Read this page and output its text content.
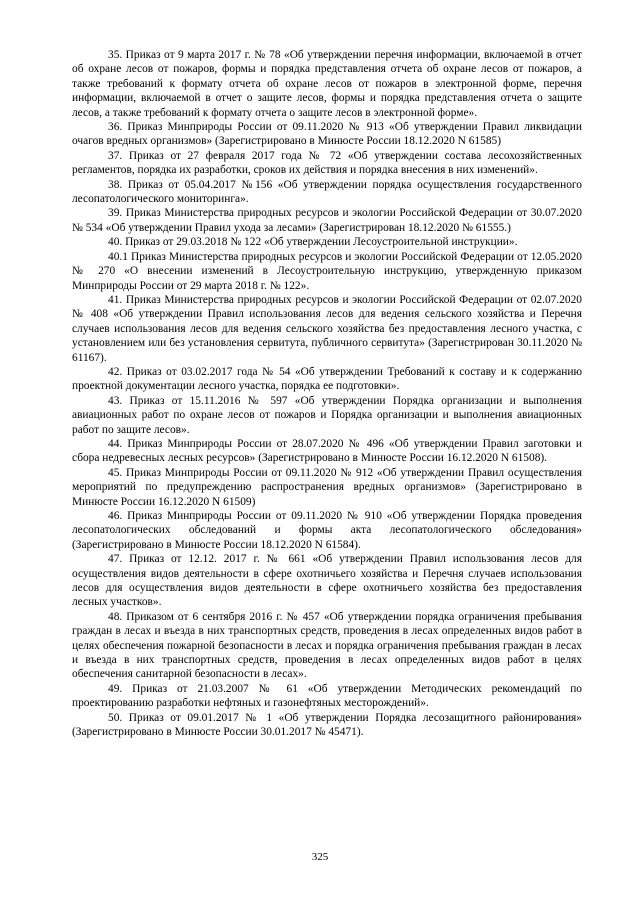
35. Приказ от 9 марта 2017 г. № 78 «Об утверждении перечня информации, включаемой в отчет об охране лесов от пожаров, формы и порядка представления отчета об охране лесов от пожаров, а также требований к формату отчета об охране лесов от пожаров в электронной форме, перечня информации, включаемой в отчет о защите лесов, формы и порядка представления отчета о защите лесов, а также требований к формату отчета о защите лесов в электронной форме».

36. Приказ Минприроды России от 09.11.2020 № 913 «Об утверждении Правил ликвидации очагов вредных организмов» (Зарегистрировано в Минюсте России 18.12.2020 N 61585)

37. Приказ от 27 февраля 2017 года № 72 «Об утверждении состава лесохозяйственных регламентов, порядка их разработки, сроков их действия и порядка внесения в них изменений».

38. Приказ от 05.04.2017 №156 «Об утверждении порядка осуществления государственного лесопатологического мониторинга».

39. Приказ Министерства природных ресурсов и экологии Российской Федерации от 30.07.2020 № 534 «Об утверждении Правил ухода за лесами» (Зарегистрирован 18.12.2020 № 61555.)

40. Приказ от 29.03.2018 № 122 «Об утверждении Лесоустроительной инструкции».

40.1 Приказ Министерства природных ресурсов и экологии Российской Федерации от 12.05.2020 № 270 «О внесении изменений в Лесоустроительную инструкцию, утвержденную приказом Минприроды России от 29 марта 2018 г. № 122».

41. Приказ Министерства природных ресурсов и экологии Российской Федерации от 02.07.2020 № 408 «Об утверждении Правил использования лесов для ведения сельского хозяйства и Перечня случаев использования лесов для ведения сельского хозяйства без предоставления лесного участка, с установлением или без установления сервитута, публичного сервитута» (Зарегистрирован 30.11.2020 № 61167).

42. Приказ от 03.02.2017 года № 54 «Об утверждении Требований к составу и к содержанию проектной документации лесного участка, порядка ее подготовки».

43. Приказ от 15.11.2016 № 597 «Об утверждении Порядка организации и выполнения авиационных работ по охране лесов от пожаров и Порядка организации и выполнения авиационных работ по защите лесов».

44. Приказ Минприроды России от 28.07.2020 № 496 «Об утверждении Правил заготовки и сбора недревесных лесных ресурсов» (Зарегистрировано в Минюсте России 16.12.2020 N 61508).

45. Приказ Минприроды России от 09.11.2020 № 912 «Об утверждении Правил осуществления мероприятий по предупреждению распространения вредных организмов» (Зарегистрировано в Минюсте России 16.12.2020 N 61509)

46. Приказ Минприроды России от 09.11.2020 № 910 «Об утверждении Порядка проведения лесопатологических обследований и формы акта лесопатологического обследования» (Зарегистрировано в Минюсте России 18.12.2020 N 61584).

47. Приказ от 12.12. 2017 г. № 661 «Об утверждении Правил использования лесов для осуществления видов деятельности в сфере охотничьего хозяйства и Перечня случаев использования лесов для осуществления видов деятельности в сфере охотничьего хозяйства без предоставления лесных участков».

48. Приказом от 6 сентября 2016 г. № 457 «Об утверждении порядка ограничения пребывания граждан в лесах и въезда в них транспортных средств, проведения в лесах определенных видов работ в целях обеспечения пожарной безопасности в лесах и порядка ограничения пребывания граждан в лесах и въезда в них транспортных средств, проведения в лесах определенных видов работ в целях обеспечения санитарной безопасности в лесах».

49. Приказ от 21.03.2007 № 61 «Об утверждении Методических рекомендаций по проектированию разработки нефтяных и газонефтяных месторождений».

50. Приказ от 09.01.2017 № 1 «Об утверждении Порядка лесозащитного районирования» (Зарегистрировано в Минюсте России 30.01.2017 № 45471).

325
